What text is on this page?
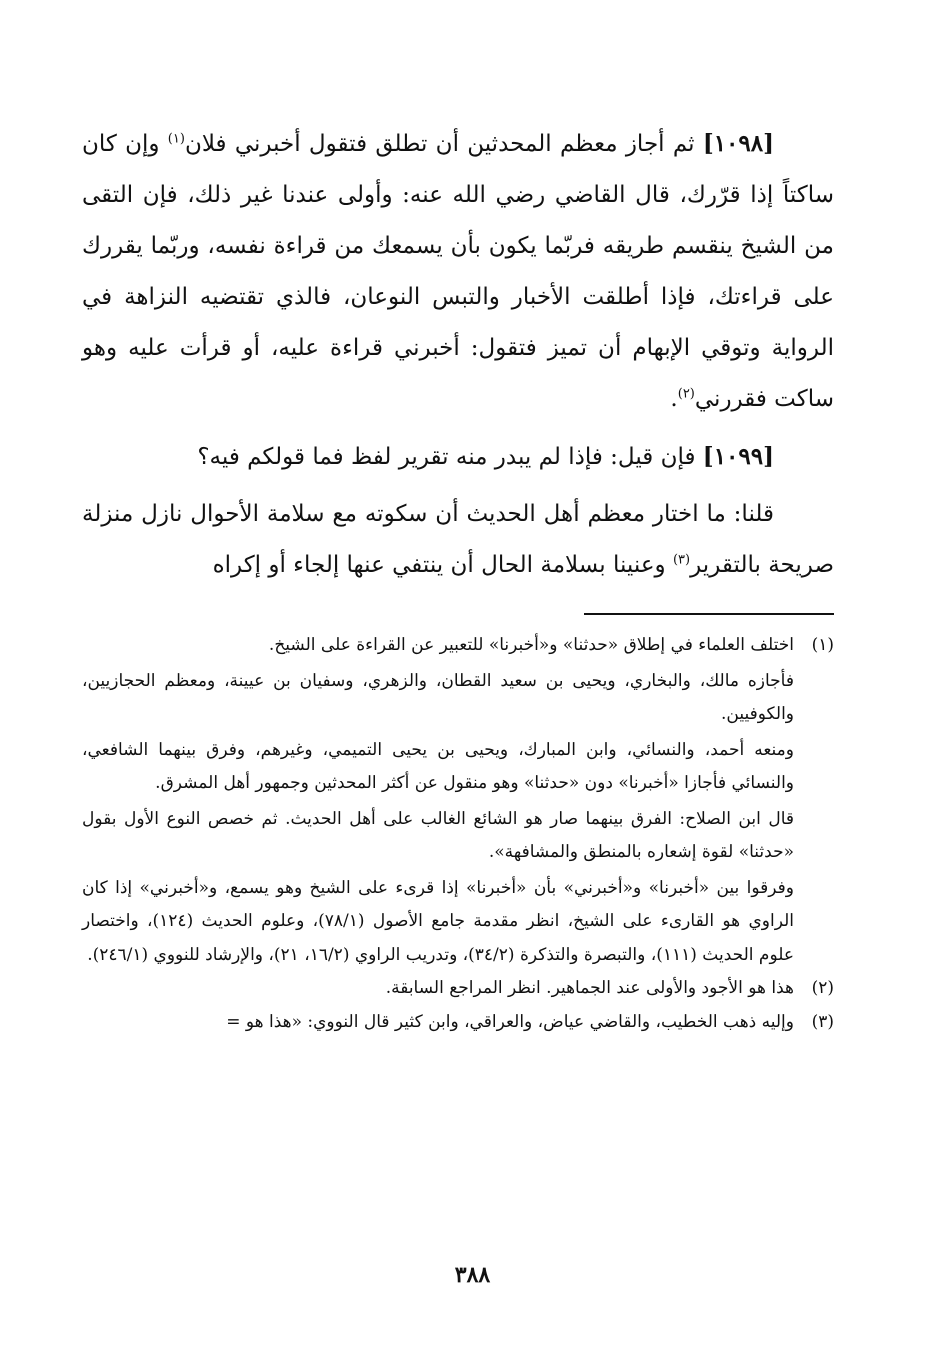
[١٠٩٨] ثم أجاز معظم المحدثين أن تطلق فتقول أخبرني فلان$^{(١)}$ وإن كان ساكتاً إذا قرّرك، قال القاضي رضي الله عنه: وأولى عندنا غير ذلك، فإن التقى من الشيخ ينقسم طريقه فربّما يكون بأن يسمعك من قراءة نفسه، وربّما يقررك على قراءتك، فإذا أطلقت الأخبار والتبس النوعان، فالذي تقتضيه النزاهة في الرواية وتوقي الإبهام أن تميز فتقول: أخبرني قراءة عليه، أو قرأت عليه وهو ساكت فقررني$^{(٢)}$.

[١٠٩٩] فإن قيل: فإذا لم يبدر منه تقرير لفظ فما قولكم فيه؟

قلنا: ما اختار معظم أهل الحديث أن سكوته مع سلامة الأحوال نازل منزلة صريحة بالتقرير$^{(٣)}$ وعنينا بسلامة الحال أن ينتفي عنها إلجاء أو إكراه

(١)

اختلف العلماء في إطلاق «حدثنا» و«أخبرنا» للتعبير عن القراءة على الشيخ.

فأجازه مالك، والبخاري، ويحيى بن سعيد القطان، والزهري، وسفيان بن عيينة، ومعظم الحجازيين، والكوفيين.

ومنعه أحمد، والنسائي، وابن المبارك، ويحيى بن يحيى التميمي، وغيرهم، وفرق بينهما الشافعي، والنسائي فأجازا «أخبرنا» دون «حدثنا» وهو منقول عن أكثر المحدثين وجمهور أهل المشرق.

قال ابن الصلاح: الفرق بينهما صار هو الشائع الغالب على أهل الحديث. ثم خصص النوع الأول بقول «حدثنا» لقوة إشعاره بالمنطق والمشافهة».

وفرقوا بين «أخبرنا» و«أخبرني» بأن «أخبرنا» إذا قرىء على الشيخ وهو يسمع، و«أخبرني» إذا كان الراوي هو القارىء على الشيخ، انظر مقدمة جامع الأصول (٧٨/١)، وعلوم الحديث (١٢٤)، واختصار علوم الحديث (١١١)، والتبصرة والتذكرة (٣٤/٢)، وتدريب الراوي (١٦/٢، ٢١)، والإرشاد للنووي (٢٤٦/١).

(٢)

هذا هو الأجود والأولى عند الجماهير. انظر المراجع السابقة.

(٣)

وإليه ذهب الخطيب، والقاضي عياض، والعراقي، وابن كثير قال النووي: «هذا هو =

٣٨٨
